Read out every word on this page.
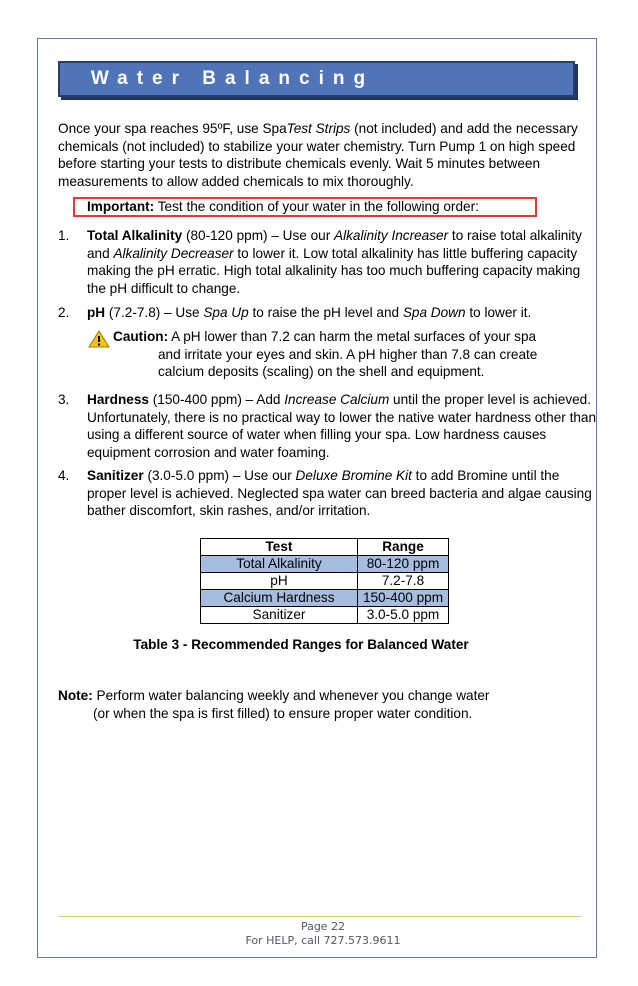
Water Balancing
Once your spa reaches 95ºF, use SpaTest Strips (not included) and add the necessary chemicals (not included) to stabilize your water chemistry. Turn Pump 1 on high speed before starting your tests to distribute chemicals evenly. Wait 5 minutes between measurements to allow added chemicals to mix thoroughly.
Important: Test the condition of your water in the following order:
1. Total Alkalinity (80-120 ppm) – Use our Alkalinity Increaser to raise total alkalinity and Alkalinity Decreaser to lower it. Low total alkalinity has little buffering capacity making the pH erratic. High total alkalinity has too much buffering capacity making the pH difficult to change.

2. pH (7.2-7.8) – Use Spa Up to raise the pH level and Spa Down to lower it.

Caution: A pH lower than 7.2 can harm the metal surfaces of your spa
and irritate your eyes and skin. A pH higher than 7.8 can create
calcium deposits (scaling) on the shell and equipment.
3. Hardness (150-400 ppm) – Add Increase Calcium until the proper level is achieved. Unfortunately, there is no practical way to lower the native water hardness other than using a different source of water when filling your spa. Low hardness causes equipment corrosion and water foaming.

4. Sanitizer (3.0-5.0 ppm) – Use our Deluxe Bromine Kit to add Bromine until the proper level is achieved. Neglected spa water can breed bacteria and algae causing bather discomfort, skin rashes, and/or irritation.

Test	Range
Total Alkalinity	80-120 ppm
pH	7.2-7.8
Calcium Hardness	150-400 ppm
Sanitizer	3.0-5.0 ppm
Table 3 - Recommended Ranges for Balanced Water
Note: Perform water balancing weekly and whenever you change water
(or when the spa is first filled) to ensure proper water condition.
Page 22
For HELP, call 727.573.9611
